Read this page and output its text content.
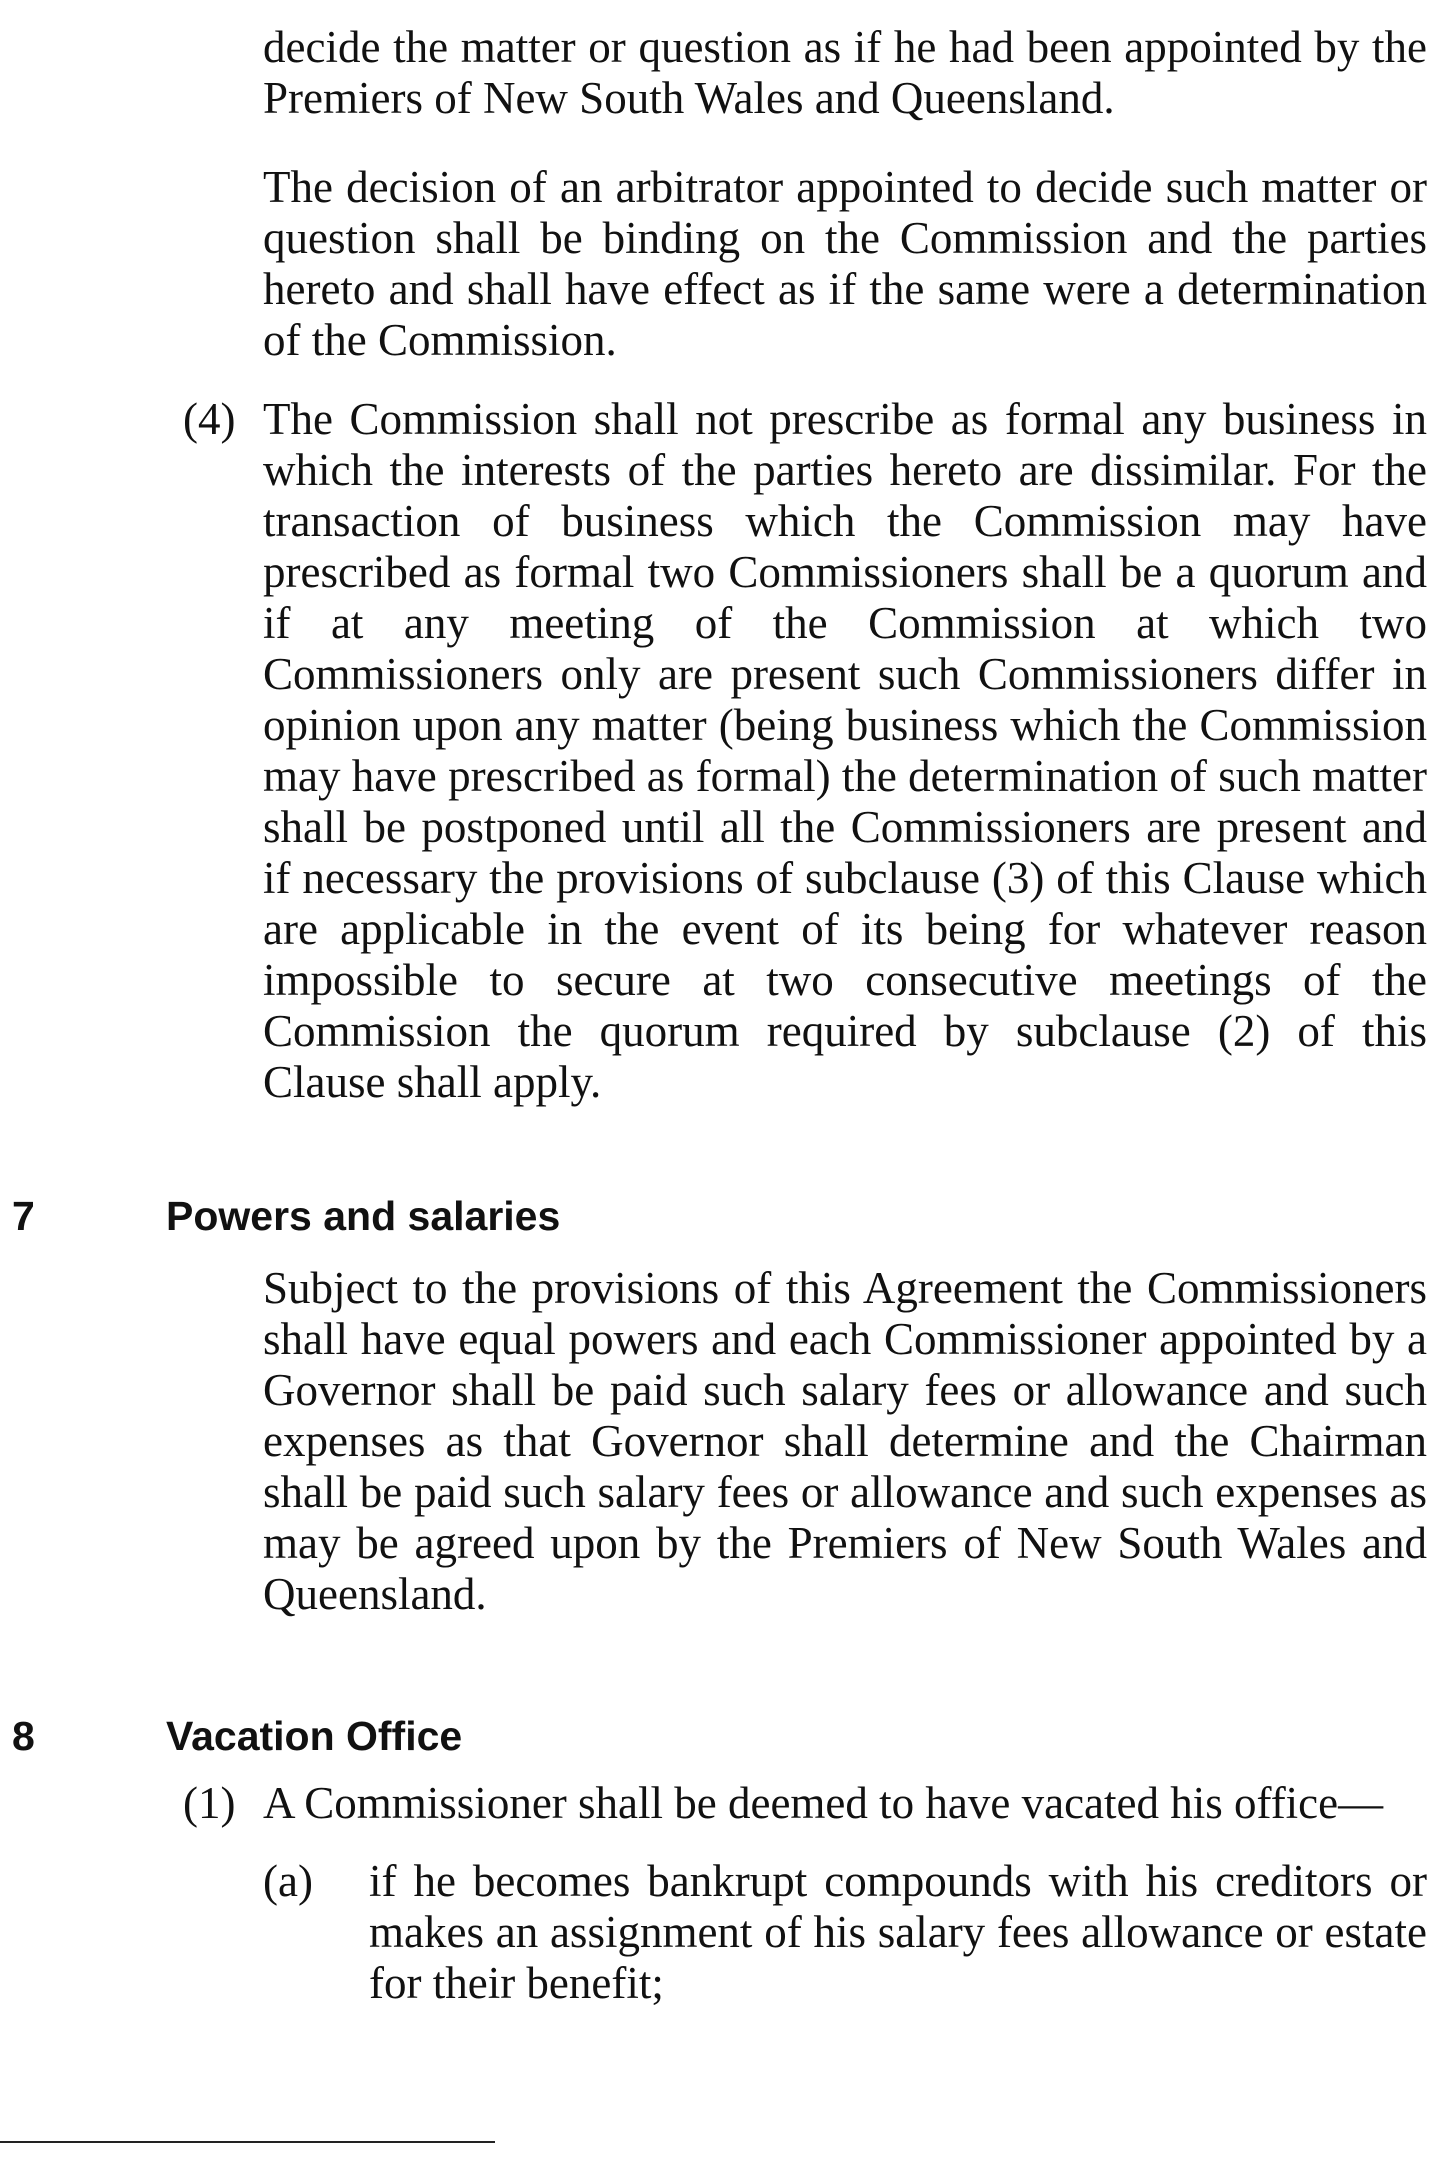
decide the matter or question as if he had been appointed by the Premiers of New South Wales and Queensland.
The decision of an arbitrator appointed to decide such matter or question shall be binding on the Commission and the parties hereto and shall have effect as if the same were a determination of the Commission.
(4) The Commission shall not prescribe as formal any business in which the interests of the parties hereto are dissimilar. For the transaction of business which the Commission may have prescribed as formal two Commissioners shall be a quorum and if at any meeting of the Commission at which two Commissioners only are present such Commissioners differ in opinion upon any matter (being business which the Commission may have prescribed as formal) the determination of such matter shall be postponed until all the Commissioners are present and if necessary the provisions of subclause (3) of this Clause which are applicable in the event of its being for whatever reason impossible to secure at two consecutive meetings of the Commission the quorum required by subclause (2) of this Clause shall apply.
7	Powers and salaries
Subject to the provisions of this Agreement the Commissioners shall have equal powers and each Commissioner appointed by a Governor shall be paid such salary fees or allowance and such expenses as that Governor shall determine and the Chairman shall be paid such salary fees or allowance and such expenses as may be agreed upon by the Premiers of New South Wales and Queensland.
8	Vacation Office
(1) A Commissioner shall be deemed to have vacated his office—
(a) if he becomes bankrupt compounds with his creditors or makes an assignment of his salary fees allowance or estate for their benefit;
